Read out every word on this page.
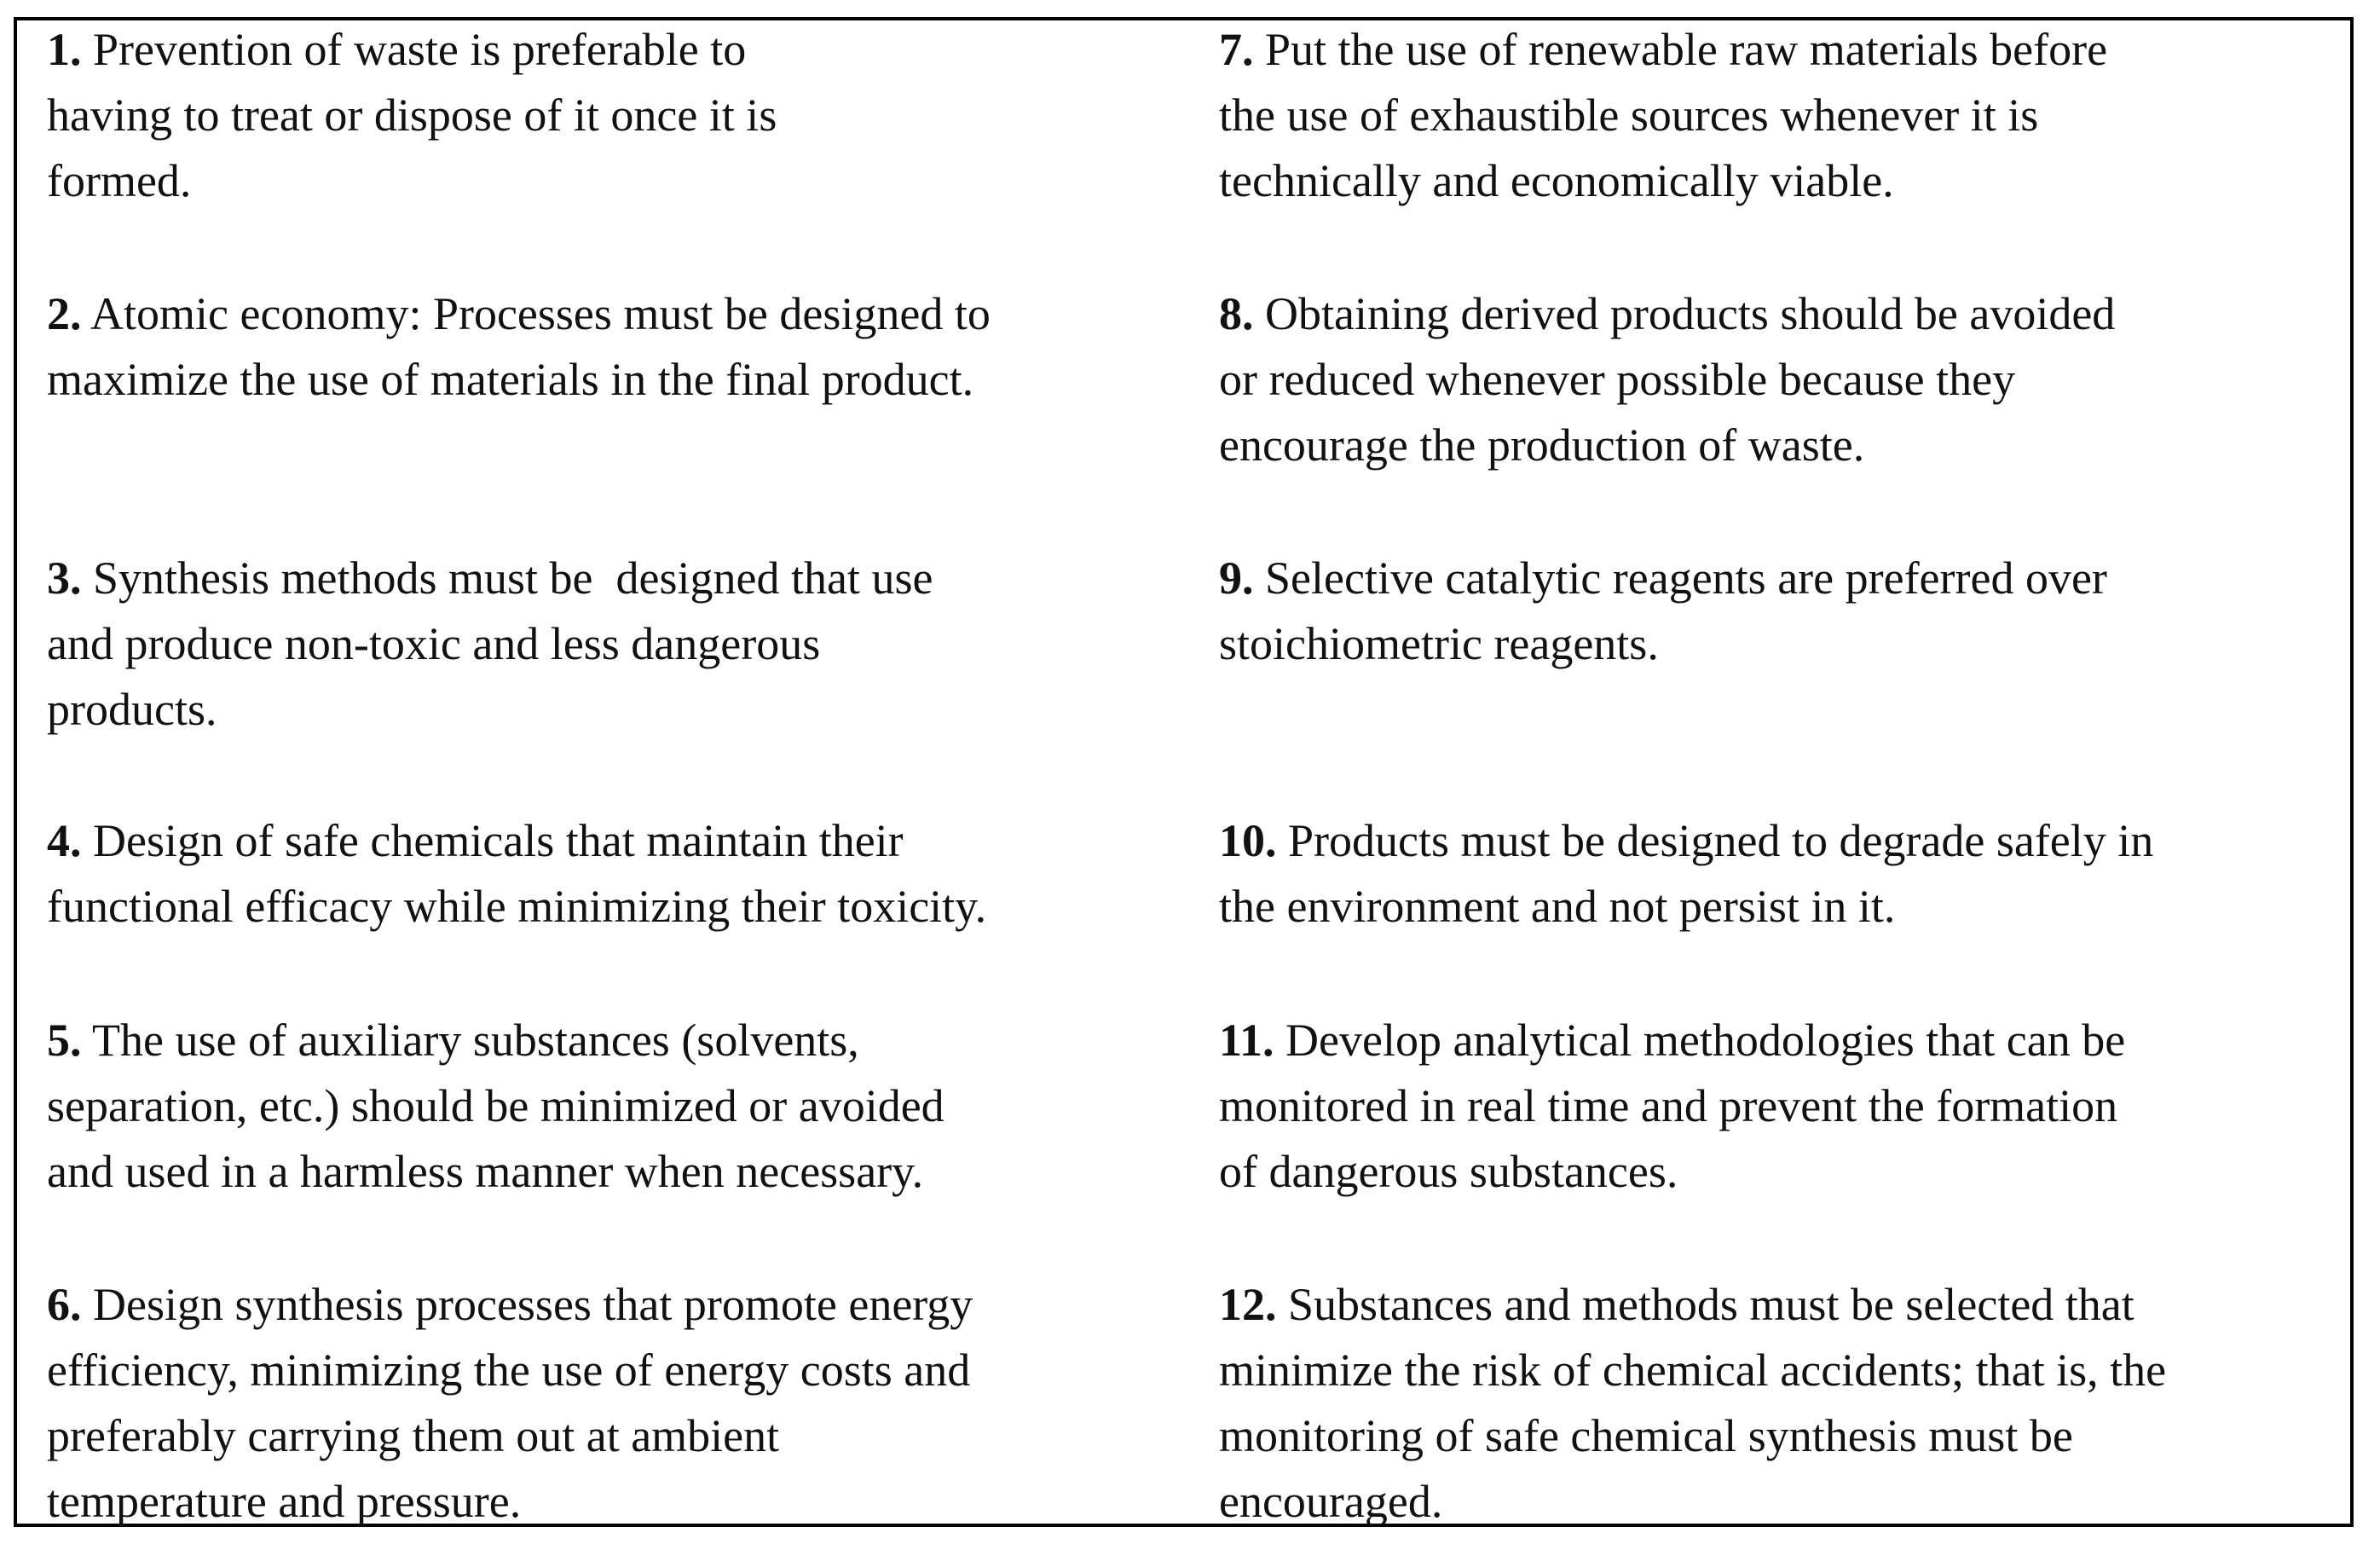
1. Prevention of waste is preferable to
having to treat or dispose of it once it is
formed.
2. Atomic economy: Processes must be designed to
maximize the use of materials in the final product.
3. Synthesis methods must be  designed that use
and produce non-toxic and less dangerous
products.
4. Design of safe chemicals that maintain their
functional efficacy while minimizing their toxicity.
5. The use of auxiliary substances (solvents,
separation, etc.) should be minimized or avoided
and used in a harmless manner when necessary.
6. Design synthesis processes that promote energy
efficiency, minimizing the use of energy costs and
preferably carrying them out at ambient
temperature and pressure.
7. Put the use of renewable raw materials before
the use of exhaustible sources whenever it is
technically and economically viable.
8. Obtaining derived products should be avoided
or reduced whenever possible because they
encourage the production of waste.
9. Selective catalytic reagents are preferred over
stoichiometric reagents.
10. Products must be designed to degrade safely in
the environment and not persist in it.
11. Develop analytical methodologies that can be
monitored in real time and prevent the formation
of dangerous substances.
12. Substances and methods must be selected that
minimize the risk of chemical accidents; that is, the
monitoring of safe chemical synthesis must be
encouraged.
